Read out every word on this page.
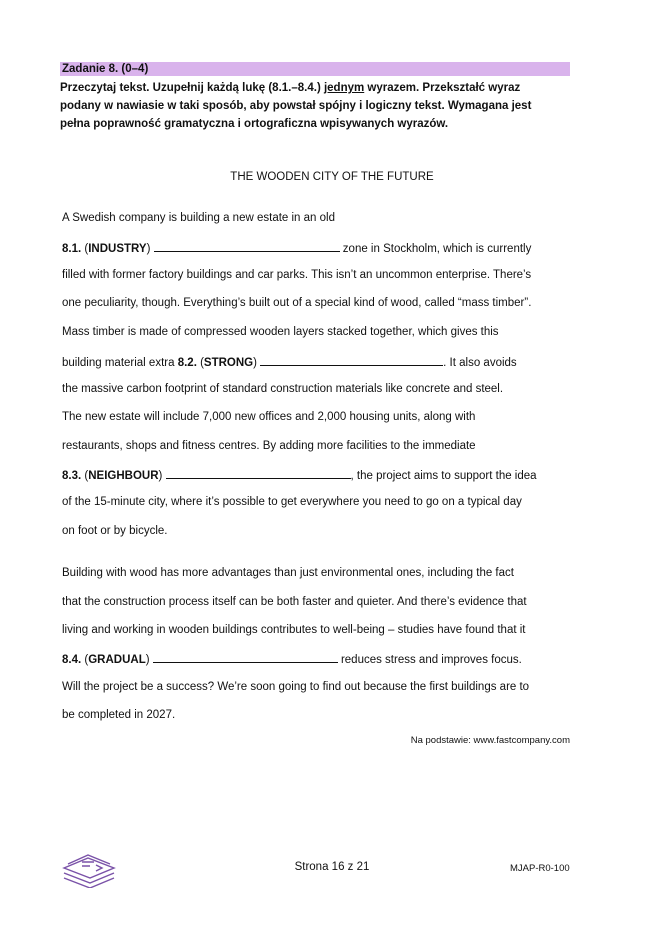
Zadanie 8. (0–4)
Przeczytaj tekst. Uzupełnij każdą lukę (8.1.–8.4.) jednym wyrazem. Przekształć wyraz
podany w nawiasie w taki sposób, aby powstał spójny i logiczny tekst. Wymagana jest
pełna poprawność gramatyczna i ortograficzna wpisywanych wyrazów.
THE WOODEN CITY OF THE FUTURE
A Swedish company is building a new estate in an old
8.1. (INDUSTRY)	zone in Stockholm, which is currently
filled with former factory buildings and car parks. This isn’t an uncommon enterprise. There’s
one peculiarity, though. Everything’s built out of a special kind of wood, called “mass timber”.
Mass timber is made of compressed wooden layers stacked together, which gives this
building material extra 8.2. (STRONG)	. It also avoids
the massive carbon footprint of standard construction materials like concrete and steel.
The new estate will include 7,000 new offices and 2,000 housing units, along with
restaurants, shops and fitness centres. By adding more facilities to the immediate
8.3. (NEIGHBOUR)	, the project aims to support the idea
of the 15-minute city, where it’s possible to get everywhere you need to go on a typical day
on foot or by bicycle.
Building with wood has more advantages than just environmental ones, including the fact
that the construction process itself can be both faster and quieter. And there’s evidence that
living and working in wooden buildings contributes to well-being – studies have found that it
8.4. (GRADUAL)	reduces stress and improves focus.
Will the project be a success? We’re soon going to find out because the first buildings are to
be completed in 2027.
Na podstawie: www.fastcompany.com
Strona 16 z 21	MJAP-R0-100
